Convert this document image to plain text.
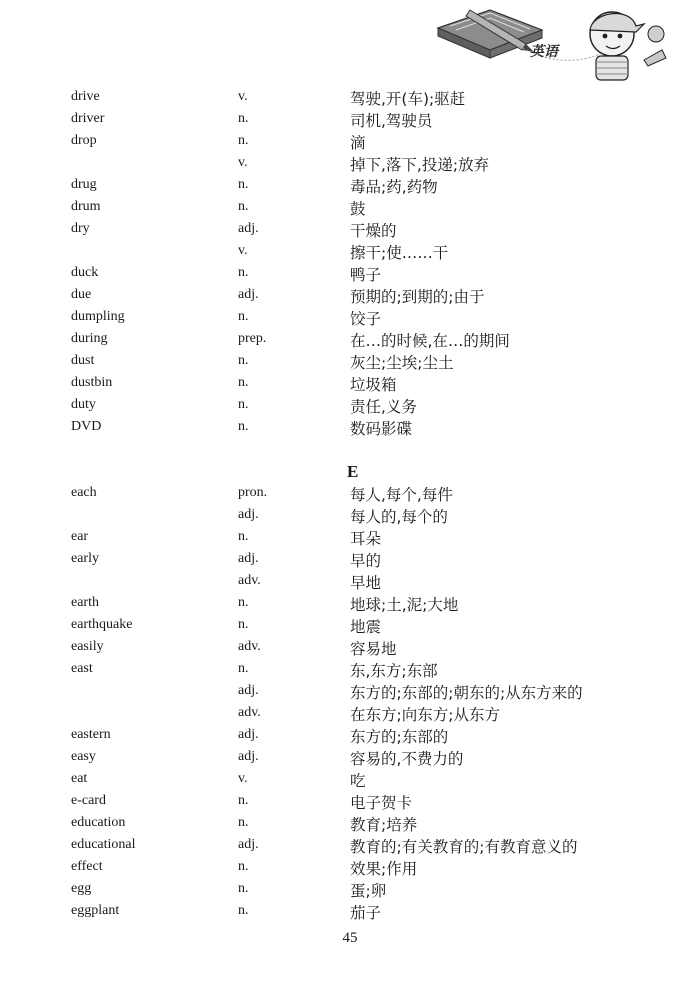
英语
drive	v.	驾驶,开(车);驱赶
driver	n.	司机,驾驶员
drop	n.	滴
v.	掉下,落下,投递;放弃
drug	n.	毒品;药,药物
drum	n.	鼓
dry	adj.	干燥的
v.	擦干;使……干
duck	n.	鸭子
due	adj.	预期的;到期的;由于
dumpling	n.	饺子
during	prep.	在…的时候,在…的期间
dust	n.	灰尘;尘埃;尘土
dustbin	n.	垃圾箱
duty	n.	责任,义务
DVD	n.	数码影碟
E
each	pron.	每人,每个,每件
adj.	每人的,每个的
ear	n.	耳朵
early	adj.	早的
adv.	早地
earth	n.	地球;土,泥;大地
earthquake	n.	地震
easily	adv.	容易地
east	n.	东,东方;东部
adj.	东方的;东部的;朝东的;从东方来的
adv.	在东方;向东方;从东方
eastern	adj.	东方的;东部的
easy	adj.	容易的,不费力的
eat	v.	吃
e-card	n.	电子贺卡
education	n.	教育;培养
educational	adj.	教育的;有关教育的;有教育意义的
effect	n.	效果;作用
egg	n.	蛋;卵
eggplant	n.	茄子
45
